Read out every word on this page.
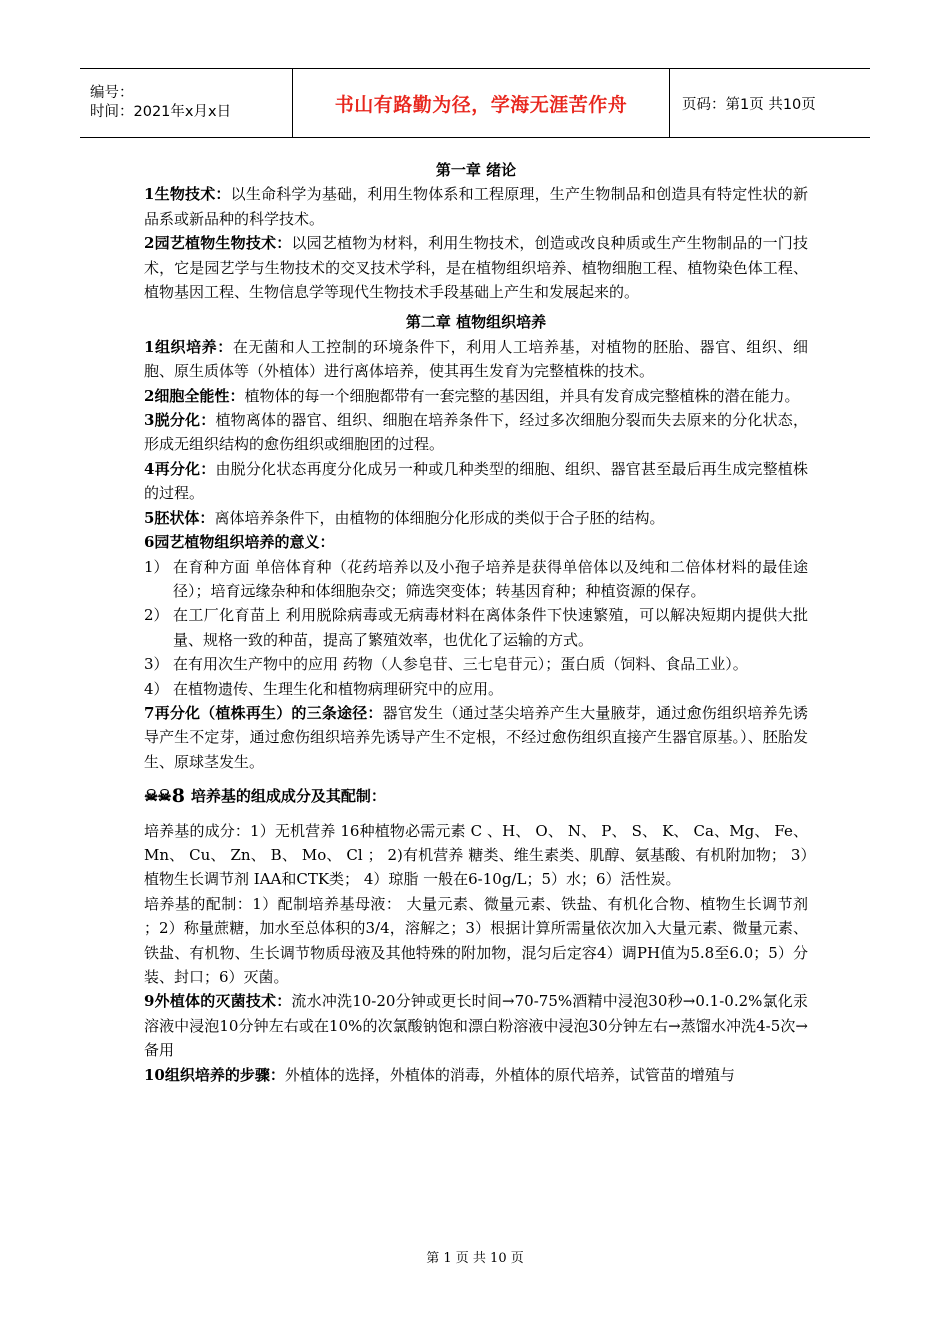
编号：
时间：2021年x月x日	书山有路勤为径，学海无涯苦作舟	页码：第1页 共10页

第一章 绪论

1生物技术：以生命科学为基础，利用生物体系和工程原理，生产生物制品和创造具有特定性状的新品系或新品种的科学技术。

2园艺植物生物技术：以园艺植物为材料，利用生物技术，创造或改良种质或生产生物制品的一门技术，它是园艺学与生物技术的交叉技术学科，是在植物组织培养、植物细胞工程、植物染色体工程、植物基因工程、生物信息学等现代生物技术手段基础上产生和发展起来的。

第二章 植物组织培养

1组织培养：在无菌和人工控制的环境条件下，利用人工培养基，对植物的胚胎、器官、组织、细胞、原生质体等（外植体）进行离体培养，使其再生发育为完整植株的技术。

2细胞全能性：植物体的每一个细胞都带有一套完整的基因组，并具有发育成完整植株的潜在能力。

3脱分化：植物离体的器官、组织、细胞在培养条件下，经过多次细胞分裂而失去原来的分化状态，形成无组织结构的愈伤组织或细胞团的过程。

4再分化：由脱分化状态再度分化成另一种或几种类型的细胞、组织、器官甚至最后再生成完整植株的过程。

5胚状体：离体培养条件下，由植物的体细胞分化形成的类似于合子胚的结构。

6园艺植物组织培养的意义：

1） 在育种方面 单倍体育种（花药培养以及小孢子培养是获得单倍体以及纯和二倍体材料的最佳途径）；培育远缘杂种和体细胞杂交；筛选突变体；转基因育种；种植资源的保存。
2） 在工厂化育苗上 利用脱除病毒或无病毒材料在离体条件下快速繁殖，可以解决短期内提供大批量、规格一致的种苗，提高了繁殖效率，也优化了运输的方式。
3） 在有用次生产物中的应用 药物（人参皂苷、三七皂苷元）；蛋白质（饲料、食品工业）。
4） 在植物遗传、生理生化和植物病理研究中的应用。

7再分化（植株再生）的三条途径：器官发生（通过茎尖培养产生大量腋芽，通过愈伤组织培养先诱导产生不定芽，通过愈伤组织培养先诱导产生不定根，不经过愈伤组织直接产生器官原基。）、胚胎发生、原球茎发生。

☠☠ 8 培养基的组成成分及其配制：

培养基的成分：1）无机营养 16种植物必需元素 C 、H、 O、 N、 P、 S、 K、 Ca、Mg、 Fe、 Mn、 Cu、 Zn、 B、 Mo、 Cl ； 2)有机营养 糖类、维生素类、肌醇、氨基酸、有机附加物； 3）植物生长调节剂 IAA和CTK类； 4）琼脂 一般在6-10g/L；5）水；6）活性炭。

培养基的配制：1）配制培养基母液： 大量元素、微量元素、铁盐、有机化合物、植物生长调节剂 ；2）称量蔗糖，加水至总体积的3/4，溶解之；3）根据计算所需量依次加入大量元素、微量元素、铁盐、有机物、生长调节物质母液及其他特殊的附加物，混匀后定容4）调PH值为5.8至6.0；5）分装、封口；6）灭菌。

9外植体的灭菌技术：流水冲洗10-20分钟或更长时间→70-75%酒精中浸泡30秒→0.1-0.2%氯化汞溶液中浸泡10分钟左右或在10%的次氯酸钠饱和漂白粉溶液中浸泡30分钟左右→蒸馏水冲洗4-5次→备用

10组织培养的步骤：外植体的选择，外植体的消毒，外植体的原代培养，试管苗的增殖与

第 1 页 共 10 页
